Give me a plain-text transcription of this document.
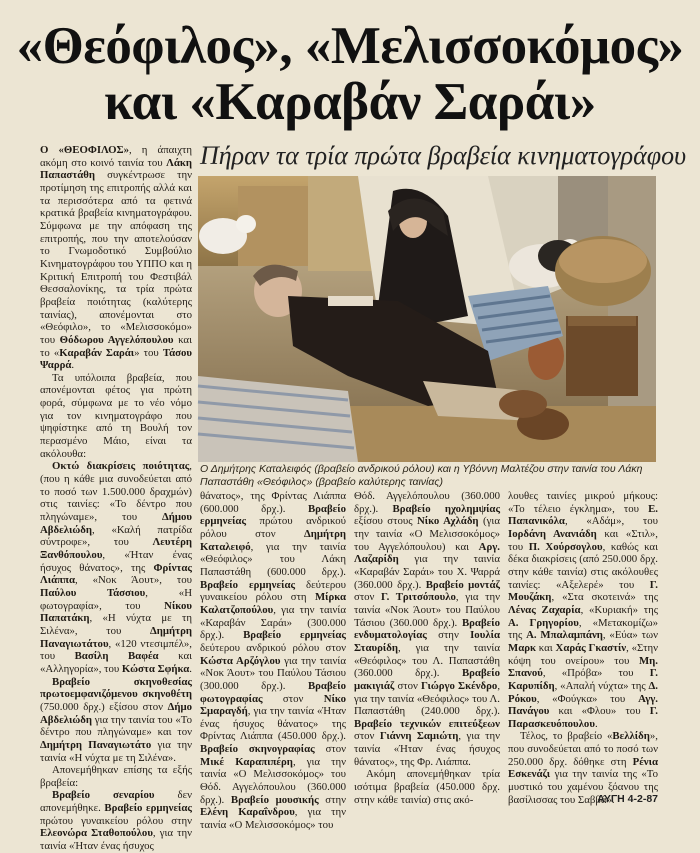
«Θεόφιλος», «Μελισσοκόμος»
και «Καραβάν Σαράι»
Πήραν τα τρία πρώτα βραβεία κινηματογράφου

Ο «ΘΕΟΦΙΛΟΣ», η άπαιχτη ακόμη στο κοινό ταινία του Λάκη Παπαστάθη συγκέντρωσε την προτίμηση της επιτροπής αλλά και τα περισσότερα από τα φετινά κρατικά βραβεία κινηματογράφου. Σύμφωνα με την απόφαση της επιτροπής, που την αποτελούσαν το Γνωμοδοτικό Συμβούλιο Κινηματογράφου του ΥΠΠΟ και η Κριτική Επιτροπή του Φεστιβάλ Θεσσαλονίκης, τα τρία πρώτα βραβεία ποιότητας (καλύτερης ταινίας), απονέμονται στο «Θεόφιλο», το «Μελισσοκόμο» του Θόδωρου Αγγελόπουλου και το «Καραβάν Σαράι» του Τάσου Ψαρρά.

Τα υπόλοιπα βραβεία, που απονέμονται φέτος για πρώτη φορά, σύμφωνα με το νέο νόμο για τον κινηματογράφο που ψηφίστηκε από τη Βουλή τον περασμένο Μάιο, είναι τα ακόλουθα:

Οκτώ διακρίσεις ποιότητας, (που η κάθε μια συνοδεύεται από το ποσό των 1.500.000 δραχμών) στις ταινίες: «Το δέντρο που πληγώναμε», του Δήμου Αβδελιώδη, «Καλή πατρίδα σύντροφε», του Λευτέρη Ξανθόπουλου, «Ήταν ένας ήσυχος θάνατος», της Φρίντας Λιάππα, «Νοκ Άουτ», του Παύλου Τάσσιου, «Η φωτογραφία», του Νίκου Παπατάκη, «Η νύχτα με τη Σιλένα», του Δημήτρη Παναγιωτάτου, «120 ντεσιμπέλ», του Βασίλη Βαφέα και «Αλληγορία», του Κώστα Σφήκα.

Βραβείο σκηνοθεσίας πρωτοεμφανιζόμενου σκηνοθέτη (750.000 δρχ.) εξίσου στον Δήμο Αβδελιώδη για την ταινία του «Το δέντρο που πληγώναμε» και τον Δημήτρη Παναγιωτάτο για την ταινία «Η νύχτα με τη Σιλένα».

Απονεμήθηκαν επίσης τα εξής βραβεία:

Βραβείο σεναρίου δεν απονεμήθηκε. Βραβείο ερμηνείας πρώτου γυναικείου ρόλου στην Ελεονώρα Σταθοπούλου, για την ταινία «Ήταν ένας ήσυχος

Ο Δημήτρης Καταλειφός (βραβείο ανδρικού ρόλου) και η Υβόννη Μαλτέζου στην ταινία του Λάκη Παπαστάθη «Θεόφιλος» (βραβείο καλύτερης ταινίας)

θάνατος», της Φρίντας Λιάππα (600.000 δρχ.). Βραβείο ερμηνείας πρώτου ανδρικού ρόλου στον Δημήτρη Καταλειφό, για την ταινία «Θεόφιλος» του Λάκη Παπαστάθη (600.000 δρχ.). Βραβείο ερμηνείας δεύτερου γυναικείου ρόλου στη Μίρκα Καλατζοπούλου, για την ταινία «Καραβάν Σαράι» (300.000 δρχ.). Βραβείο ερμηνείας δεύτερου ανδρικού ρόλου στον Κώστα Αρζόγλου για την ταινία «Νοκ Άουτ» του Παύλου Τάσιου (300.000 δρχ.). Βραβείο φωτογραφίας στον Νίκο Σμαραγδή, για την ταινία «Ήταν ένας ήσυχος θάνατος» της Φρίντας Λιάππα (450.000 δρχ.). Βραβείο σκηνογραφίας στον Μικέ Καραπιπέρη, για την ταινία «Ο Μελισσοκόμος» του Θόδ. Αγγελόπουλου (360.000 δρχ.). Βραβείο μουσικής στην Ελένη Καραΐνδρου, για την ταινία «Ο Μελισσοκόμος» του

Θόδ. Αγγελόπουλου (360.000 δρχ.). Βραβείο ηχολημψίας εξίσου στους Νίκο Αχλάδη (για την ταινία «Ο Μελισσοκόμος» του Αγγελόπουλου) και Αργ. Λαζαρίδη για την ταινία «Καραβάν Σαράι» του Χ. Ψαρρά (360.000 δρχ.). Βραβείο μοντάζ στον Γ. Τριτσόπουλο, για την ταινία «Νοκ Άουτ» του Παύλου Τάσιου (360.000 δρχ.). Βραβείο ενδυματολογίας στην Ιουλία Σταυρίδη, για την ταινία «Θεόφιλος» του Λ. Παπαστάθη (360.000 δρχ.). Βραβείο μακιγιάζ στον Γιώργο Σκένδρο, για την ταινία «Θεόφιλος» του Λ. Παπαστάθη (240.000 δρχ.). Βραβείο τεχνικών επιτεύξεων στον Γιάννη Σαμιώτη, για την ταινία «Ήταν ένας ήσυχος θάνατος», της Φρ. Λιάππα.

Ακόμη απονεμήθηκαν τρία ισότιμα βραβεία (450.000 δρχ. στην κάθε ταινία) στις ακό-

λουθες ταινίες μικρού μήκους: «Το τέλειο έγκλημα», του Ε. Παπανικόλα, «Αδάμ», του Ιορδάνη Ανανιάδη και «Στιλ», του Π. Χούρσογλου, καθώς και δέκα διακρίσεις (από 250.000 δρχ. στην κάθε ταινία) στις ακόλουθες ταινίες: «Αξελερέ» του Γ. Μουζάκη, «Στα σκοτεινά» της Λένας Ζαχαρία, «Κυριακή» της Α. Γρηγορίου, «Μετακομίζω» της Α. Μπαλαμπάνη, «Εύα» των Μαρκ και Χαράς Γκαστίν, «Στην κόψη του ονείρου» του Μη. Σπανού, «Πρόβα» του Γ. Καρυπίδη, «Απαλή νύχτα» της Δ. Ρόκου, «Φούγκα» του Αγγ. Πανάγου και «Φλου» του Γ. Παρασκευόπουλου.

Τέλος, το βραβείο «Βελλίδη», που συνοδεύεται από το ποσό των 250.000 δρχ. δόθηκε στη Ρένια Εσκενάζι για την ταινία της «Το μυστικό του χαμένου ξόανου της βασίλισσας του Σαββά».

ΑΥΓΗ 4-2-87
